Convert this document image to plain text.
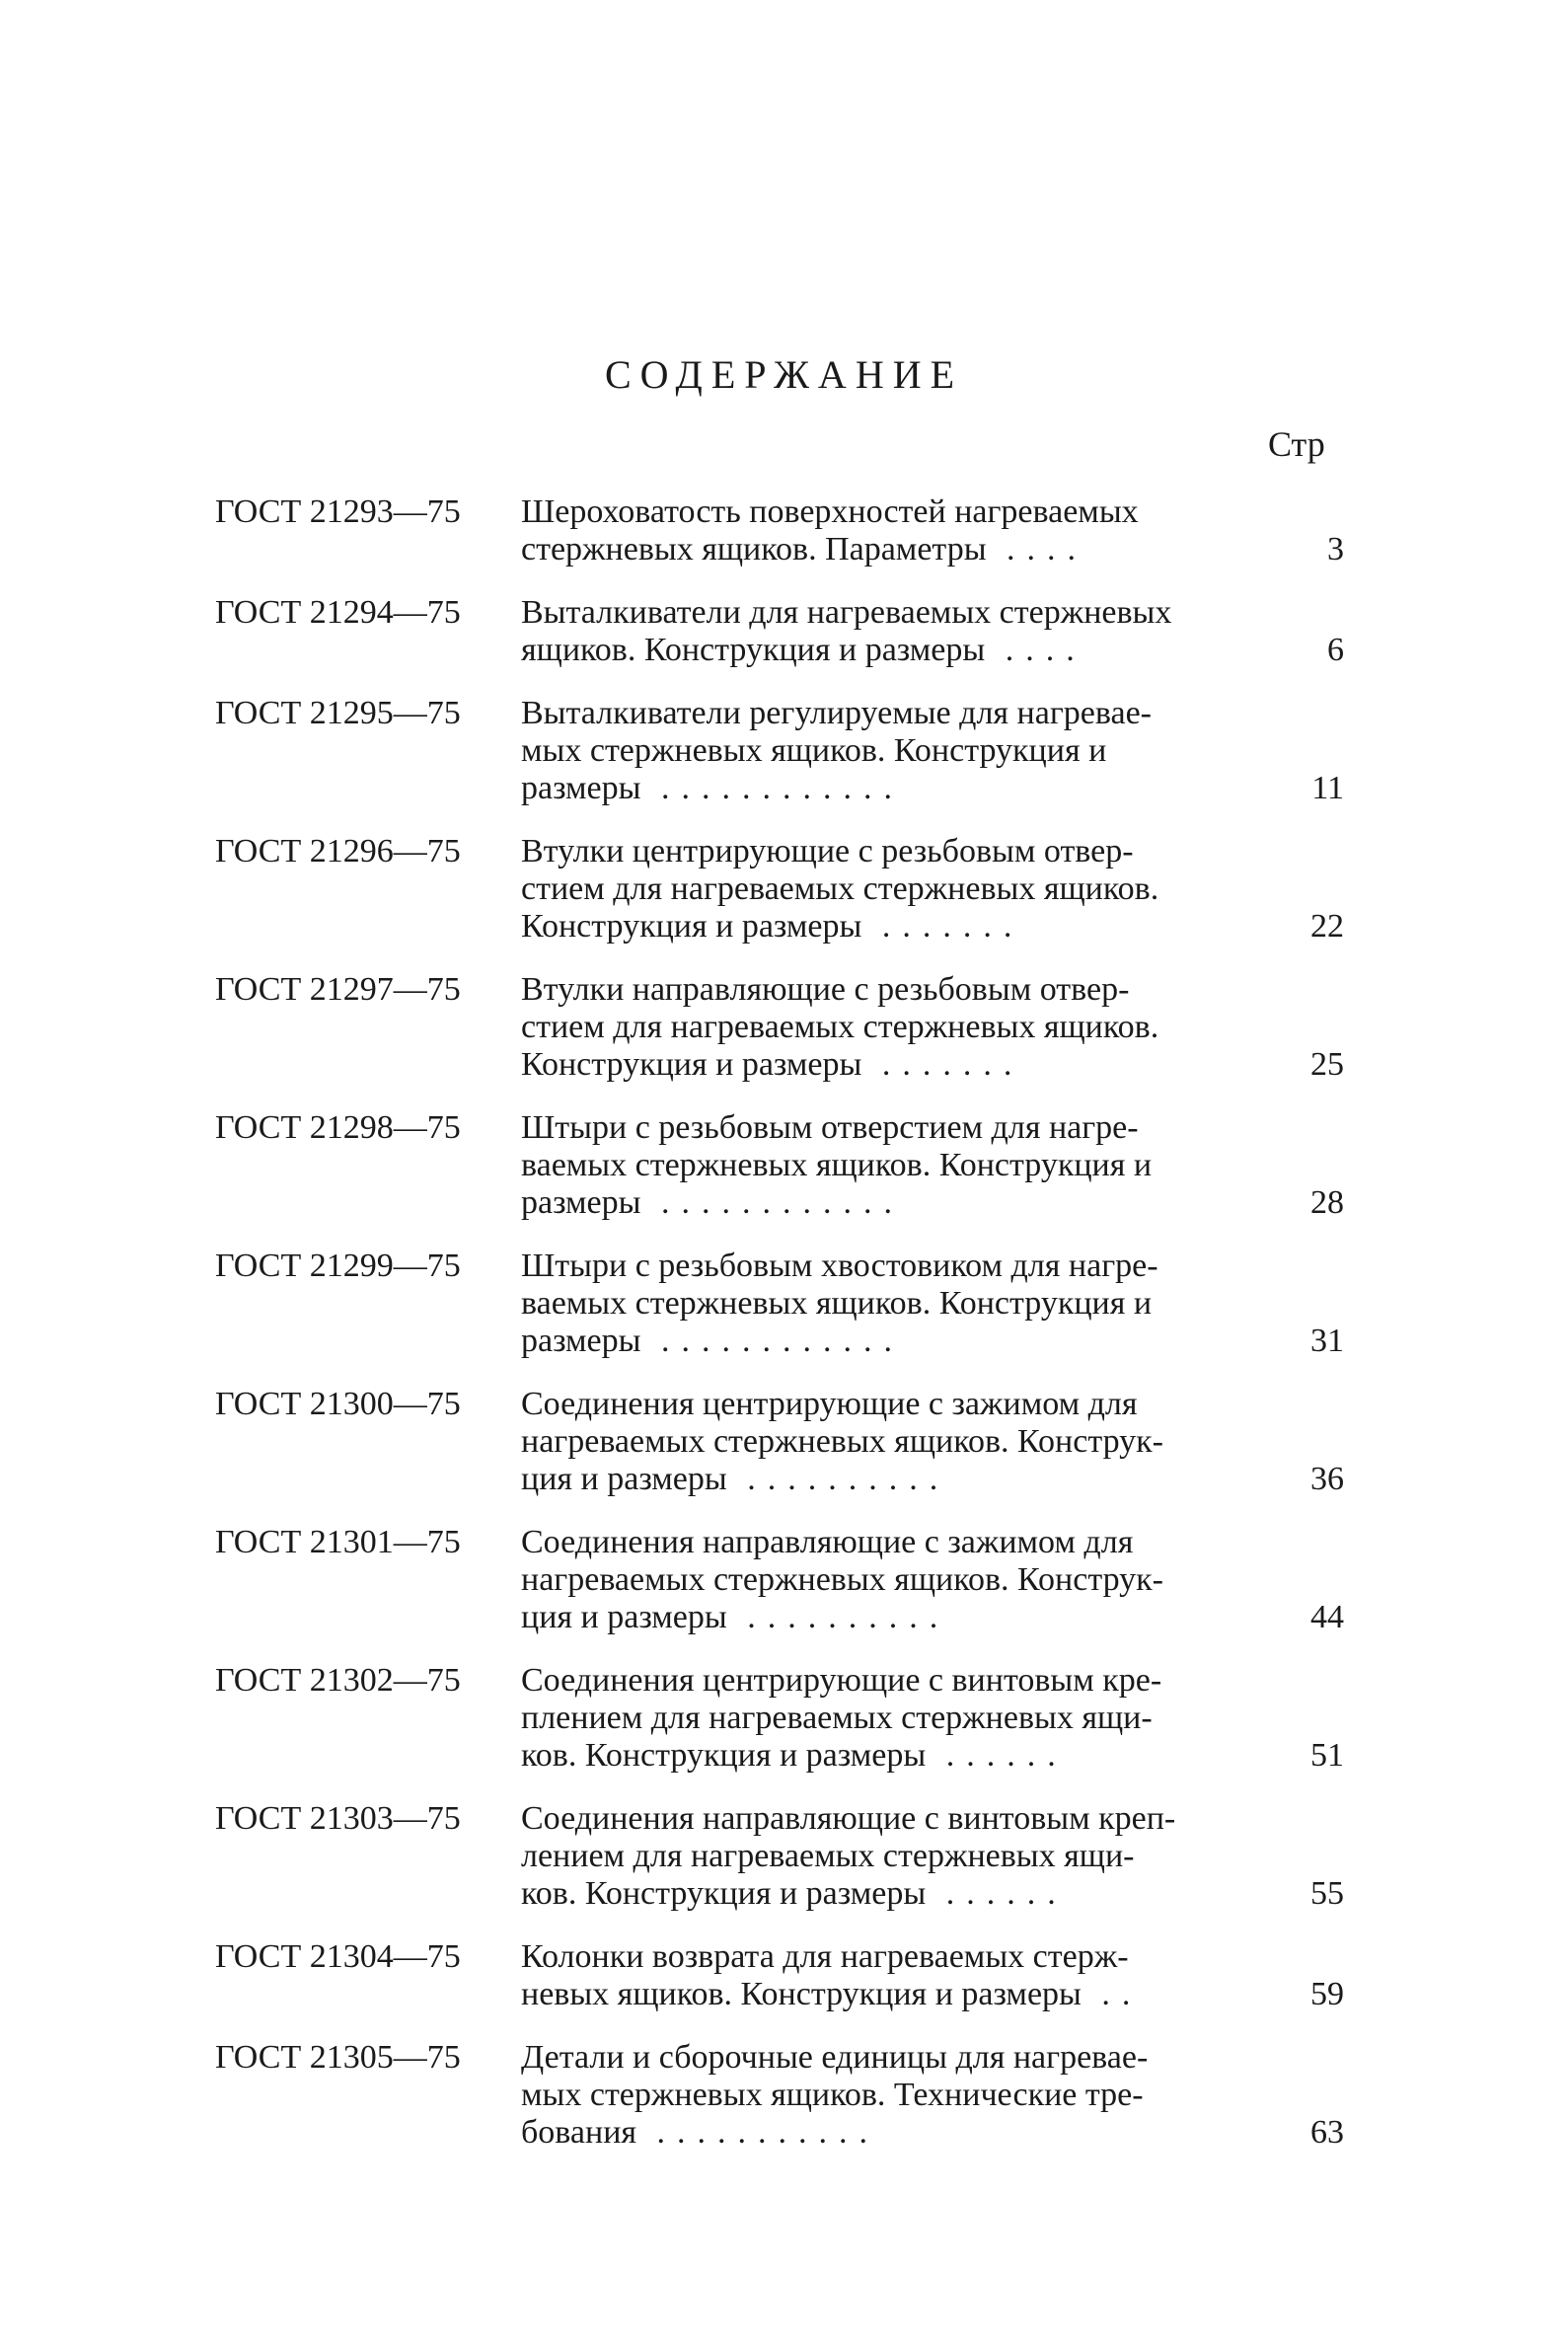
СОДЕРЖАНИЕ
Стр
ГОСТ 21293—75	Шероховатость поверхностей нагреваемых
стержневых ящиков. Параметры ....	3
ГОСТ 21294—75	Выталкиватели для нагреваемых стержневых
ящиков. Конструкция и размеры ....	6
ГОСТ 21295—75	Выталкиватели регулируемые для нагревае-
мых стержневых ящиков. Конструкция и
размеры ............	11
ГОСТ 21296—75	Втулки центрирующие с резьбовым отвер-
стием для нагреваемых стержневых ящиков.
Конструкция и размеры .......	22
ГОСТ 21297—75	Втулки направляющие с резьбовым отвер-
стием для нагреваемых стержневых ящиков.
Конструкция и размеры .......	25
ГОСТ 21298—75	Штыри с резьбовым отверстием для нагре-
ваемых стержневых ящиков. Конструкция и
размеры ............	28
ГОСТ 21299—75	Штыри с резьбовым хвостовиком для нагре-
ваемых стержневых ящиков. Конструкция и
размеры ............	31
ГОСТ 21300—75	Соединения центрирующие с зажимом для
нагреваемых стержневых ящиков. Конструк-
ция и размеры ..........	36
ГОСТ 21301—75	Соединения направляющие с зажимом для
нагреваемых стержневых ящиков. Конструк-
ция и размеры ..........	44
ГОСТ 21302—75	Соединения центрирующие с винтовым кре-
плением для нагреваемых стержневых ящи-
ков. Конструкция и размеры ......	51
ГОСТ 21303—75	Соединения направляющие с винтовым креп-
лением для нагреваемых стержневых ящи-
ков. Конструкция и размеры ......	55
ГОСТ 21304—75	Колонки возврата для нагреваемых стерж-
невых ящиков. Конструкция и размеры ..	59
ГОСТ 21305—75	Детали и сборочные единицы для нагревае-
мых стержневых ящиков. Технические тре-
бования ...........	63
